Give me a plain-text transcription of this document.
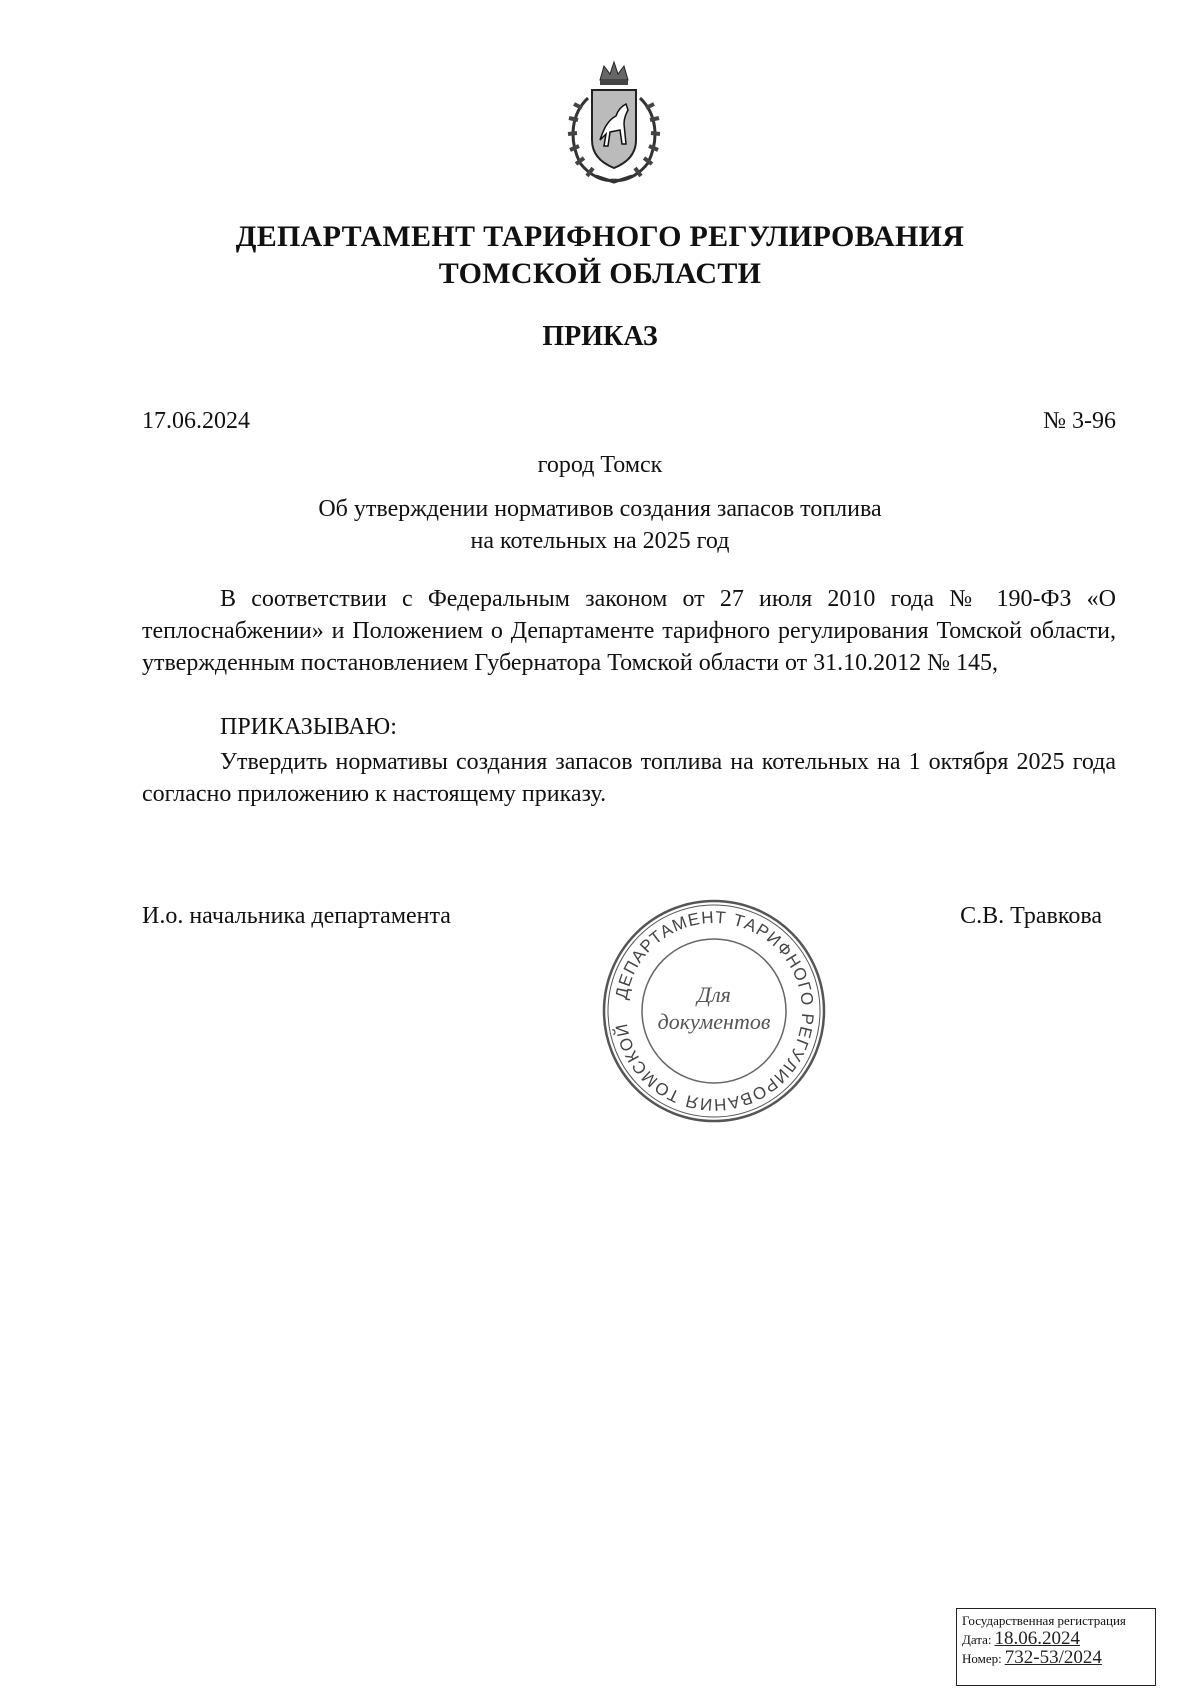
ДЕПАРТАМЕНТ ТАРИФНОГО РЕГУЛИРОВАНИЯ
ТОМСКОЙ ОБЛАСТИ
ПРИКАЗ
17.06.2024	№ 3-96
город Томск
Об утверждении нормативов создания запасов топлива
на котельных на 2025 год
В соответствии с Федеральным законом от 27 июля 2010 года № 190-ФЗ «О теплоснабжении» и Положением о Департаменте тарифного регулирования Томской области, утвержденным постановлением Губернатора Томской области от 31.10.2012 № 145,
ПРИКАЗЫВАЮ:
Утвердить нормативы создания запасов топлива на котельных на 1 октября 2025 года согласно приложению к настоящему приказу.
И.о. начальника департамента	С.В. Травкова
ДЕПАРТАМЕНТ ТАРИФНОГО РЕГУЛИРОВАНИЯ ТОМСКОЙ
Для
документов
Государственная регистрация
Дата: 18.06.2024
Номер: 732-53/2024
